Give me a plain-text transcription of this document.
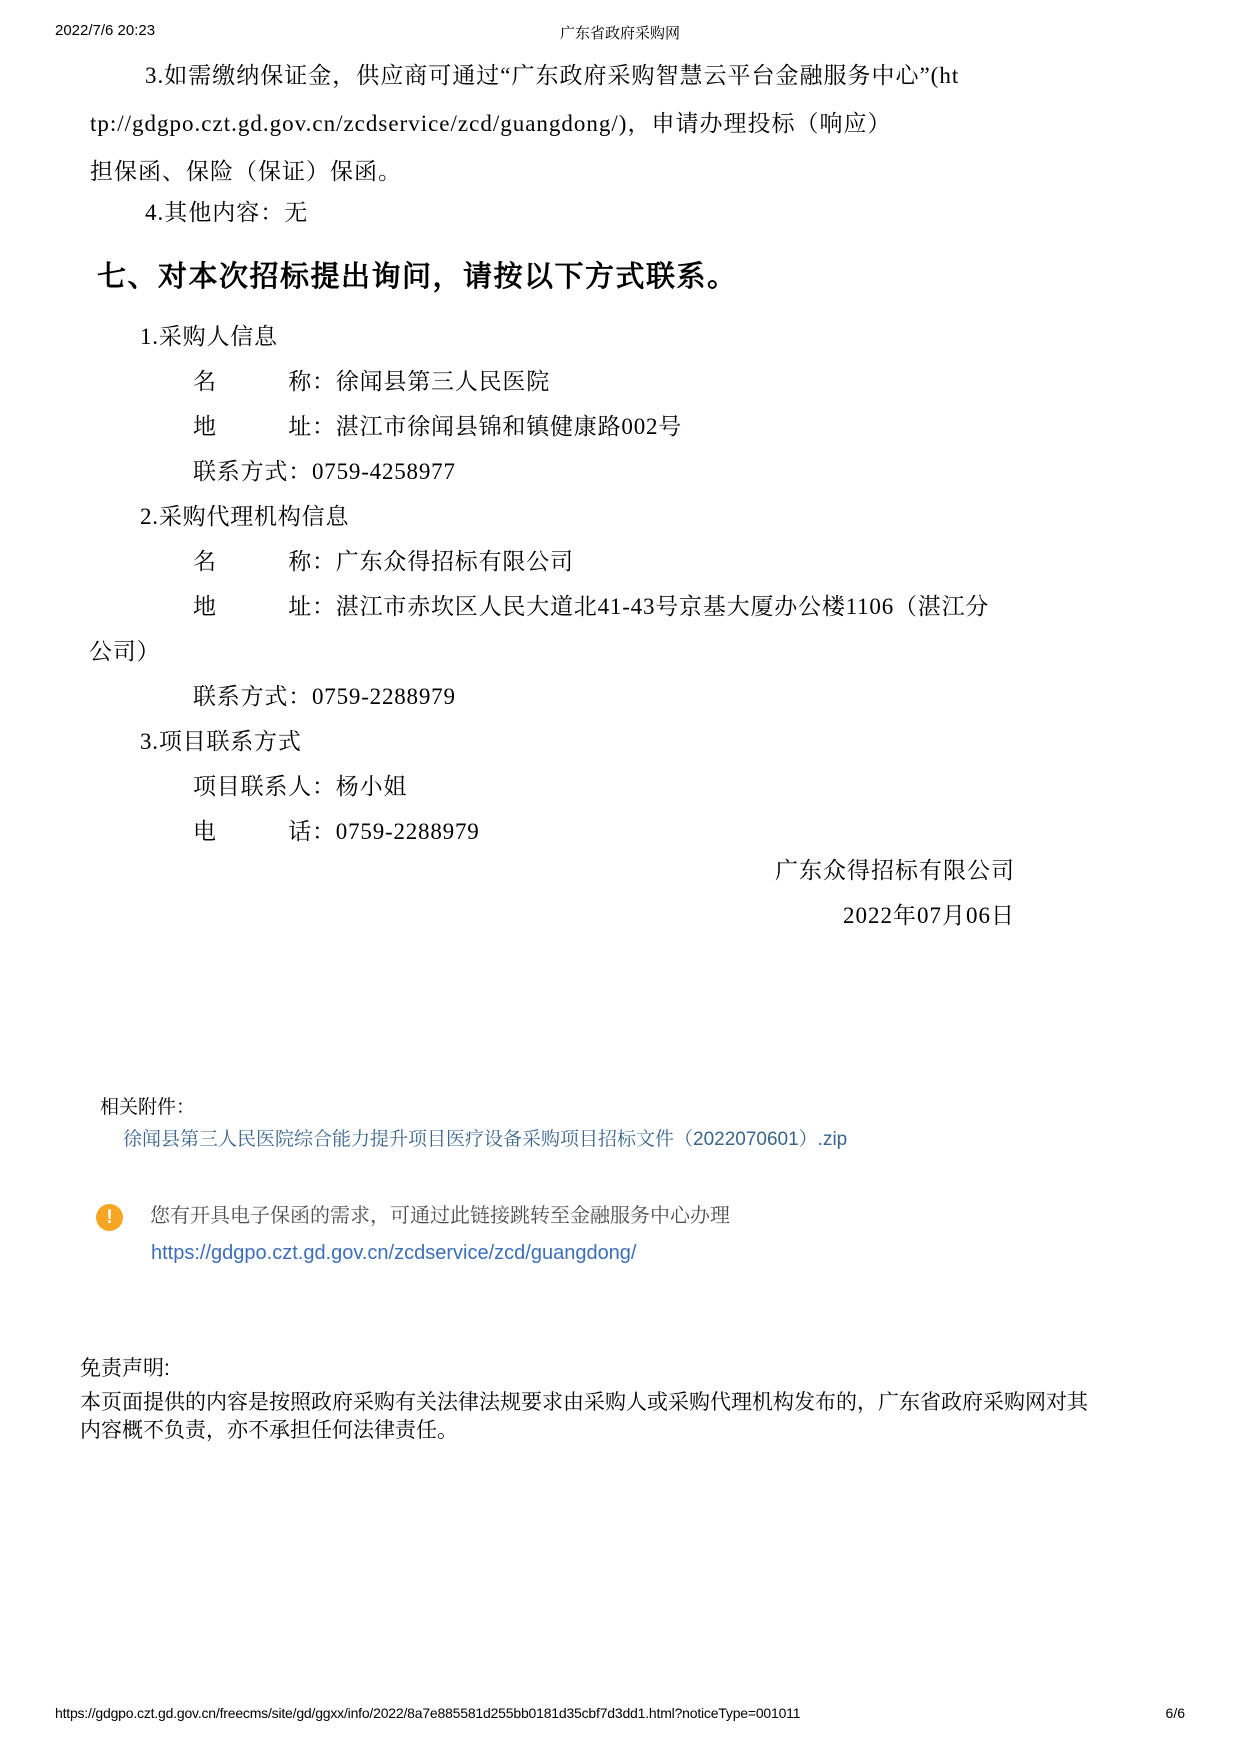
2022/7/6 20:23	广东省政府采购网
3.如需缴纳保证金，供应商可通过“广东政府采购智慧云平台金融服务中心”(ht
tp://gdgpo.czt.gd.gov.cn/zcdservice/zcd/guangdong/)，申请办理投标（响应）
担保函、保险（保证）保函。
4.其他内容：无
七、对本次招标提出询问，请按以下方式联系。
1.采购人信息
名　　　称：徐闻县第三人民医院
地　　　址：湛江市徐闻县锦和镇健康路002号
联系方式：0759-4258977
2.采购代理机构信息
名　　　称：广东众得招标有限公司
地　　　址：湛江市赤坎区人民大道北41-43号京基大厦办公楼1106（湛江分
公司）
联系方式：0759-2288979
3.项目联系方式
项目联系人：杨小姐
电　　　话：0759-2288979
广东众得招标有限公司
2022年07月06日
相关附件：
徐闻县第三人民医院综合能力提升项目医疗设备采购项目招标文件（2022070601）.zip
!	您有开具电子保函的需求，可通过此链接跳转至金融服务中心办理
https://gdgpo.czt.gd.gov.cn/zcdservice/zcd/guangdong/
免责声明:
本页面提供的内容是按照政府采购有关法律法规要求由采购人或采购代理机构发布的，广东省政府采购网对其
内容概不负责，亦不承担任何法律责任。
https://gdgpo.czt.gd.gov.cn/freecms/site/gd/ggxx/info/2022/8a7e885581d255bb0181d35cbf7d3dd1.html?noticeType=001011	6/6
